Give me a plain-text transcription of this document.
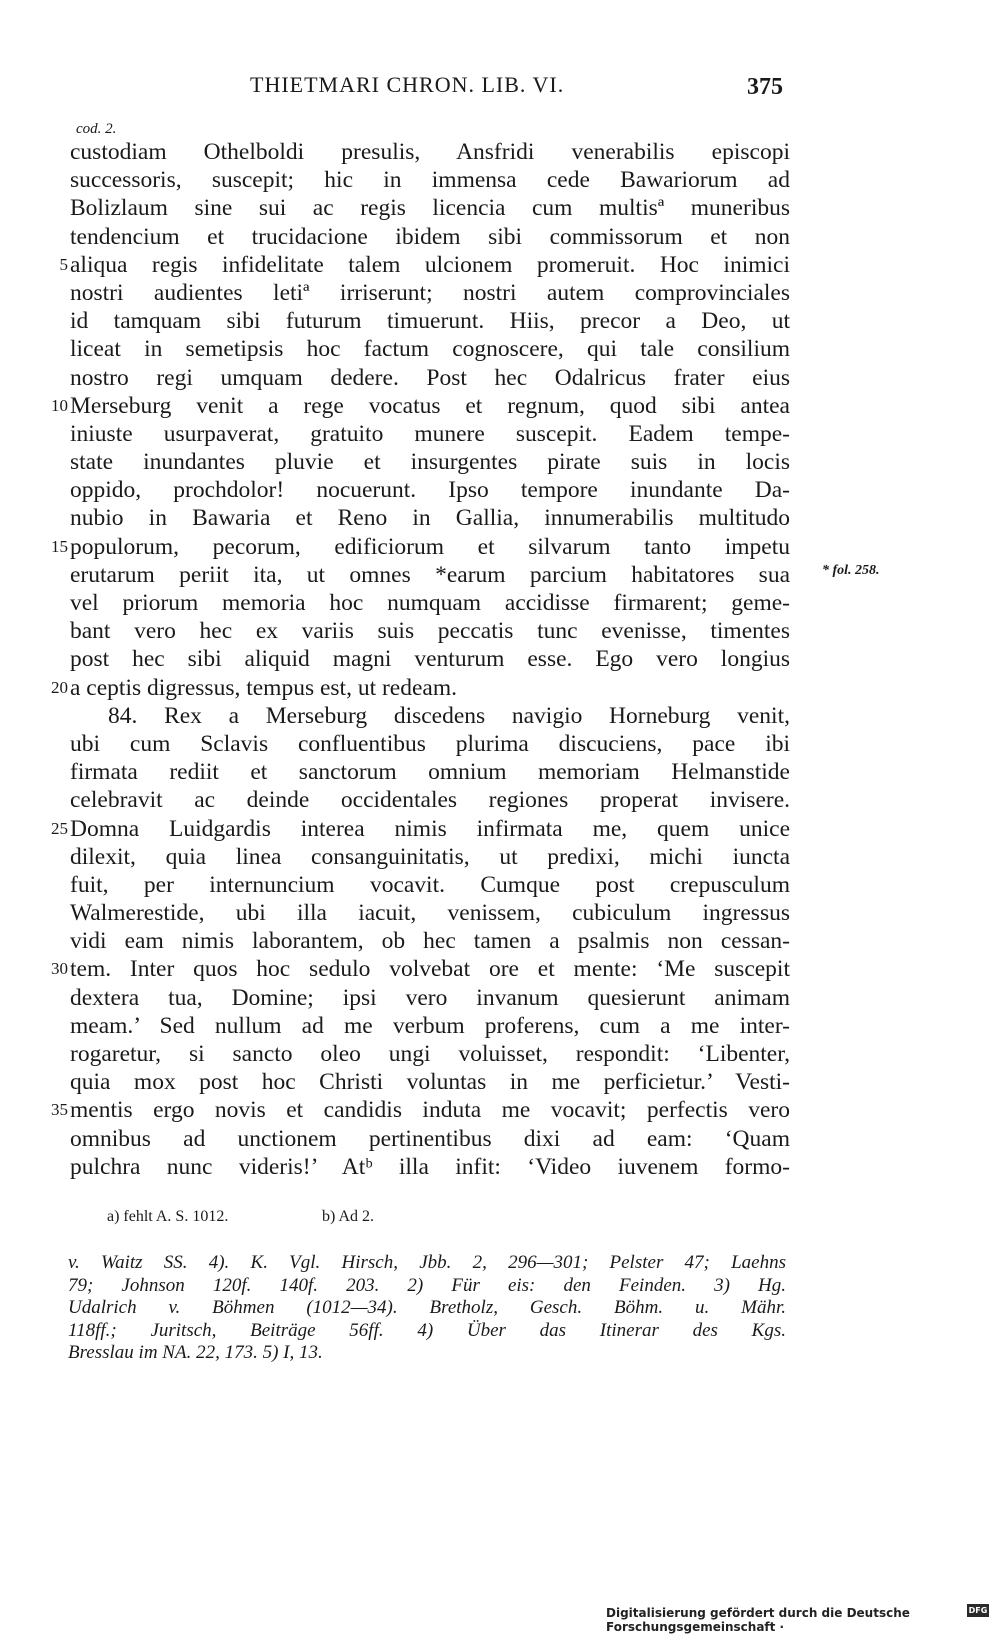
THIETMARI CHRON. LIB. VI.	375
cod. 2.
custodiam Othelboldi presulis, Ansfridi venerabilis episcopi
successoris, suscepit; hic in immensa cede Bawariorum ad
Bolizlaum sine sui ac regis licencia cum multisª muneribus
tendencium et trucidacione ibidem sibi commissorum et non
5 aliqua regis infidelitate talem ulcionem promeruit. Hoc inimici
nostri audientes letiª irriserunt; nostri autem comprovinciales
id tamquam sibi futurum timuerunt. Hiis, precor a Deo, ut
liceat in semetipsis hoc factum cognoscere, qui tale consilium
nostro regi umquam dedere. Post hec Odalricus frater eius
10 Merseburg venit a rege vocatus et regnum, quod sibi antea
iniuste usurpaverat, gratuito munere suscepit. Eadem tempe-
state inundantes pluvie et insurgentes pirate suis in locis
oppido, prochdolor! nocuerunt. Ipso tempore inundante Da-
nubio in Bawaria et Reno in Gallia, innumerabilis multitudo
15 populorum, pecorum, edificiorum et silvarum tanto impetu
erutarum periit ita, ut omnes *earum parcium habitatores sua
vel priorum memoria hoc numquam accidisse firmarent; geme-
bant vero hec ex variis suis peccatis tunc evenisse, timentes
post hec sibi aliquid magni venturum esse. Ego vero longius
20 a ceptis digressus, tempus est, ut redeam.
84. Rex a Merseburg discedens navigio Horneburg venit,
ubi cum Sclavis confluentibus plurima discuciens, pace ibi
firmata rediit et sanctorum omnium memoriam Helmanstide
celebravit ac deinde occidentales regiones properat invisere.
25 Domna Luidgardis interea nimis infirmata me, quem unice
dilexit, quia linea consanguinitatis, ut predixi, michi iuncta
fuit, per internuncium vocavit. Cumque post crepusculum
Walmerestide, ubi illa iacuit, venissem, cubiculum ingressus
vidi eam nimis laborantem, ob hec tamen a psalmis non cessan-
30 tem. Inter quos hoc sedulo volvebat ore et mente: ‘Me suscepit
dextera tua, Domine; ipsi vero invanum quesierunt animam
meam.’ Sed nullum ad me verbum proferens, cum a me inter-
rogaretur, si sancto oleo ungi voluisset, respondit: ‘Libenter,
quia mox post hoc Christi voluntas in me perficietur.’ Vesti-
35 mentis ergo novis et candidis induta me vocavit; perfectis vero
omnibus ad unctionem pertinentibus dixi ad eam: ‘Quam
pulchra nunc videris!’ Atᵇ illa infit: ‘Video iuvenem formo-
* fol. 258.
a) fehlt A. S. 1012.	b) Ad 2.
v. Waitz SS. 4). K. Vgl. Hirsch, Jbb. 2, 296—301; Pelster 47; Laehns
79; Johnson 120f. 140f. 203. 2) Für eis: den Feinden. 3) Hg.
Udalrich v. Böhmen (1012—34). Bretholz, Gesch. Böhm. u. Mähr.
118ff.; Juritsch, Beiträge 56ff. 4) Über das Itinerar des Kgs.
Bresslau im NA. 22, 173. 5) I, 13.
Digitalisierung gefördert durch die Deutsche Forschungsgemeinschaft ·
DFG
